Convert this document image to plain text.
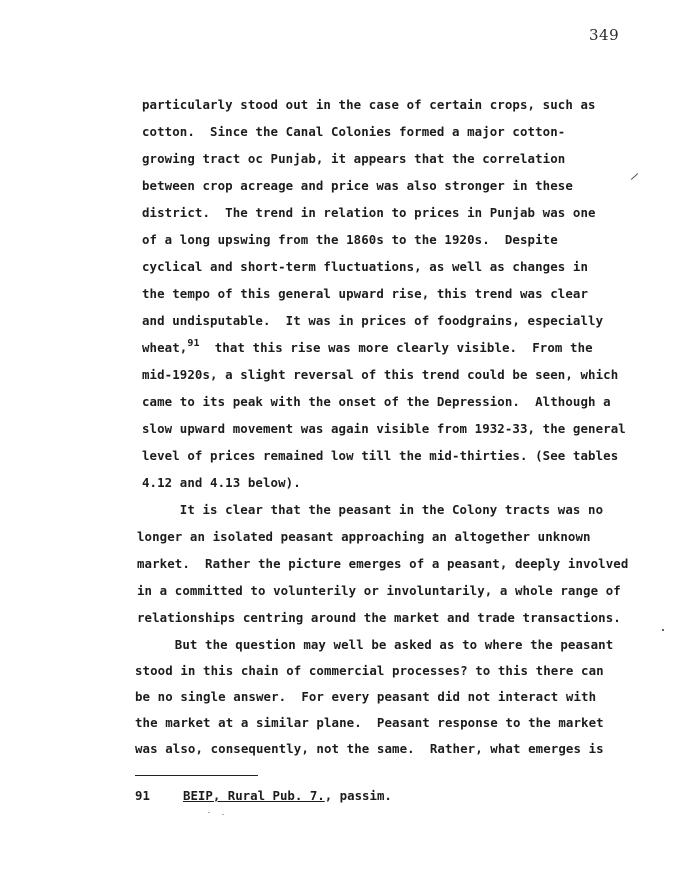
349
particularly stood out in the case of certain crops, such as
cotton.  Since the Canal Colonies formed a major cotton-
growing tract oc Punjab, it appears that the correlation
between crop acreage and price was also stronger in these
district.  The trend in relation to prices in Punjab was one
of a long upswing from the 1860s to the 1920s.  Despite
cyclical and short-term fluctuations, as well as changes in
the tempo of this general upward rise, this trend was clear
and undisputable.  It was in prices of foodgrains, especially
wheat,$^{91}$  that this rise was more clearly visible.  From the
mid-1920s, a slight reversal of this trend could be seen, which
came to its peak with the onset of the Depression.  Although a
slow upward movement was again visible from 1932-33, the general
level of prices remained low till the mid-thirties. (See tables
4.12 and 4.13 below).
It is clear that the peasant in the Colony tracts was no
longer an isolated peasant approaching an altogether unknown
market.  Rather the picture emerges of a peasant, deeply involved
in a committed to volunterily or involuntarily, a whole range of
relationships centring around the market and trade transactions.
But the question may well be asked as to where the peasant
stood in this chain of commercial processes? to this there can
be no single answer.  For every peasant did not interact with
the market at a similar plane.  Peasant response to the market
was also, consequently, not the same.  Rather, what emerges is
91	BEIP, Rural Pub. 7., passim.
